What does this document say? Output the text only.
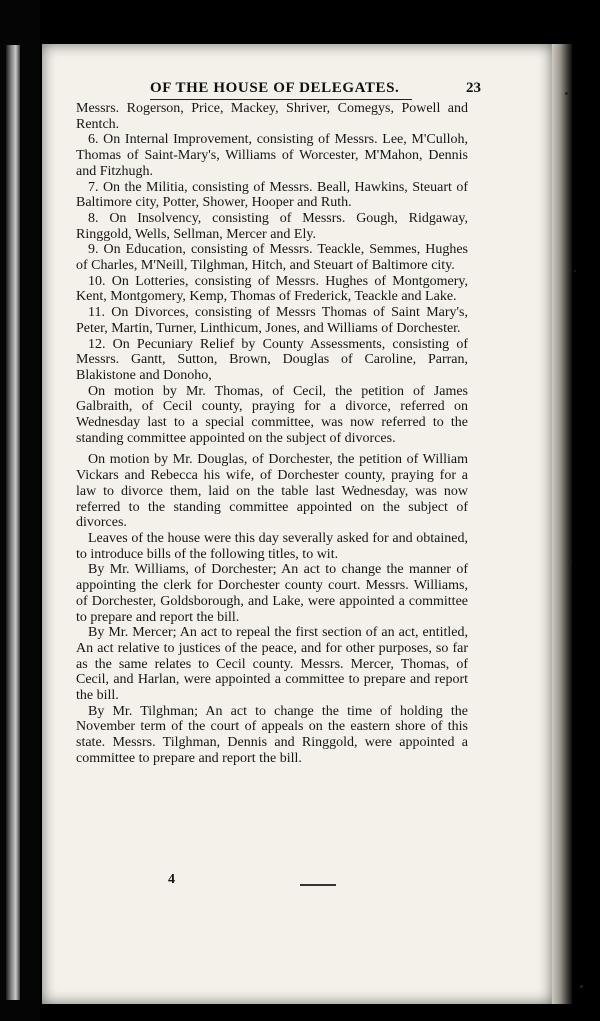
OF THE HOUSE OF DELEGATES.	23

Messrs. Rogerson, Price, Mackey, Shriver, Comegys, Powell and Rentch.

6. On Internal Improvement, consisting of Messrs. Lee, M'Culloh, Thomas of Saint-Mary's, Williams of Worcester, M'Mahon, Dennis and Fitzhugh.

7. On the Militia, consisting of Messrs. Beall, Hawkins, Steuart of Baltimore city, Potter, Shower, Hooper and Ruth.

8. On Insolvency, consisting of Messrs. Gough, Ridgaway, Ringgold, Wells, Sellman, Mercer and Ely.

9. On Education, consisting of Messrs. Teackle, Semmes, Hughes of Charles, M'Neill, Tilghman, Hitch, and Steuart of Baltimore city.

10. On Lotteries, consisting of Messrs. Hughes of Montgomery, Kent, Montgomery, Kemp, Thomas of Frederick, Teackle and Lake.

11. On Divorces, consisting of Messrs Thomas of Saint Mary's, Peter, Martin, Turner, Linthicum, Jones, and Williams of Dorchester.

12. On Pecuniary Relief by County Assessments, consisting of Messrs. Gantt, Sutton, Brown, Douglas of Caroline, Parran, Blakistone and Donoho,

On motion by Mr. Thomas, of Cecil, the petition of James Galbraith, of Cecil county, praying for a divorce, referred on Wednesday last to a special committee, was now referred to the standing committee appointed on the subject of divorces.

On motion by Mr. Douglas, of Dorchester, the petition of William Vickars and Rebecca his wife, of Dorchester county, praying for a law to divorce them, laid on the table last Wednesday, was now referred to the standing committee appointed on the subject of divorces.

Leaves of the house were this day severally asked for and obtained, to introduce bills of the following titles, to wit.

By Mr. Williams, of Dorchester; An act to change the manner of appointing the clerk for Dorchester county court. Messrs. Williams, of Dorchester, Goldsborough, and Lake, were appointed a committee to prepare and report the bill.

By Mr. Mercer; An act to repeal the first section of an act, entitled, An act relative to justices of the peace, and for other purposes, so far as the same relates to Cecil county. Messrs. Mercer, Thomas, of Cecil, and Harlan, were appointed a committee to prepare and report the bill.

By Mr. Tilghman; An act to change the time of holding the November term of the court of appeals on the eastern shore of this state. Messrs. Tilghman, Dennis and Ringgold, were appointed a committee to prepare and report the bill.

4
